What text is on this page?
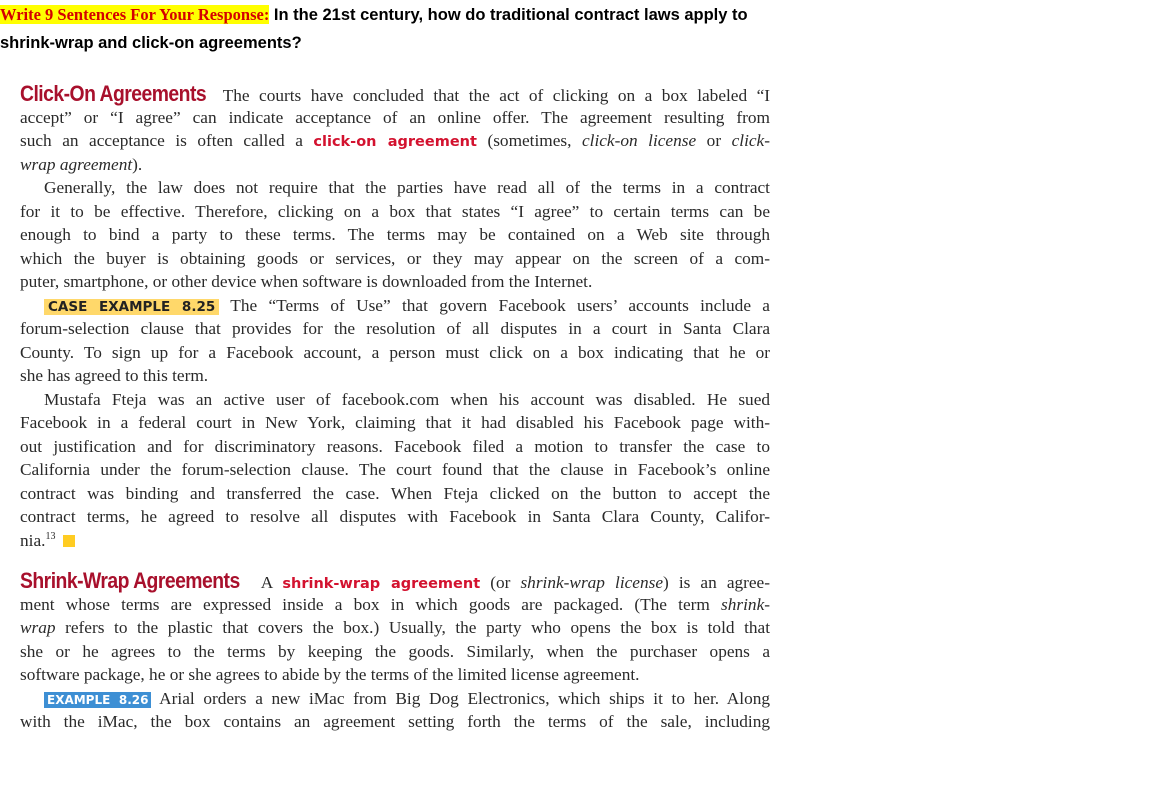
Write 9 Sentences For Your Response: In the 21st century, how do traditional contract laws apply to
shrink-wrap and click-on agreements?
Click-On Agreements The courts have concluded that the act of clicking on a box labeled “I
accept” or “I agree” can indicate acceptance of an online offer. The agreement resulting from
such an acceptance is often called a click-on agreement (sometimes, click-on license or click-
wrap agreement).
Generally, the law does not require that the parties have read all of the terms in a contract
for it to be effective. Therefore, clicking on a box that states “I agree” to certain terms can be
enough to bind a party to these terms. The terms may be contained on a Web site through
which the buyer is obtaining goods or services, or they may appear on the screen of a com-
puter, smartphone, or other device when software is downloaded from the Internet.
CASE EXAMPLE 8.25 The “Terms of Use” that govern Facebook users’ accounts include a
forum-selection clause that provides for the resolution of all disputes in a court in Santa Clara
County. To sign up for a Facebook account, a person must click on a box indicating that he or
she has agreed to this term.
Mustafa Fteja was an active user of facebook.com when his account was disabled. He sued
Facebook in a federal court in New York, claiming that it had disabled his Facebook page with-
out justification and for discriminatory reasons. Facebook filed a motion to transfer the case to
California under the forum-selection clause. The court found that the clause in Facebook’s online
contract was binding and transferred the case. When Fteja clicked on the button to accept the
contract terms, he agreed to resolve all disputes with Facebook in Santa Clara County, Califor-
nia.$^{13}$
Shrink-Wrap Agreements A shrink-wrap agreement (or shrink-wrap license) is an agree-
ment whose terms are expressed inside a box in which goods are packaged. (The term shrink-
wrap refers to the plastic that covers the box.) Usually, the party who opens the box is told that
she or he agrees to the terms by keeping the goods. Similarly, when the purchaser opens a
software package, he or she agrees to abide by the terms of the limited license agreement.
EXAMPLE 8.26 Arial orders a new iMac from Big Dog Electronics, which ships it to her. Along
with the iMac, the box contains an agreement setting forth the terms of the sale, including
